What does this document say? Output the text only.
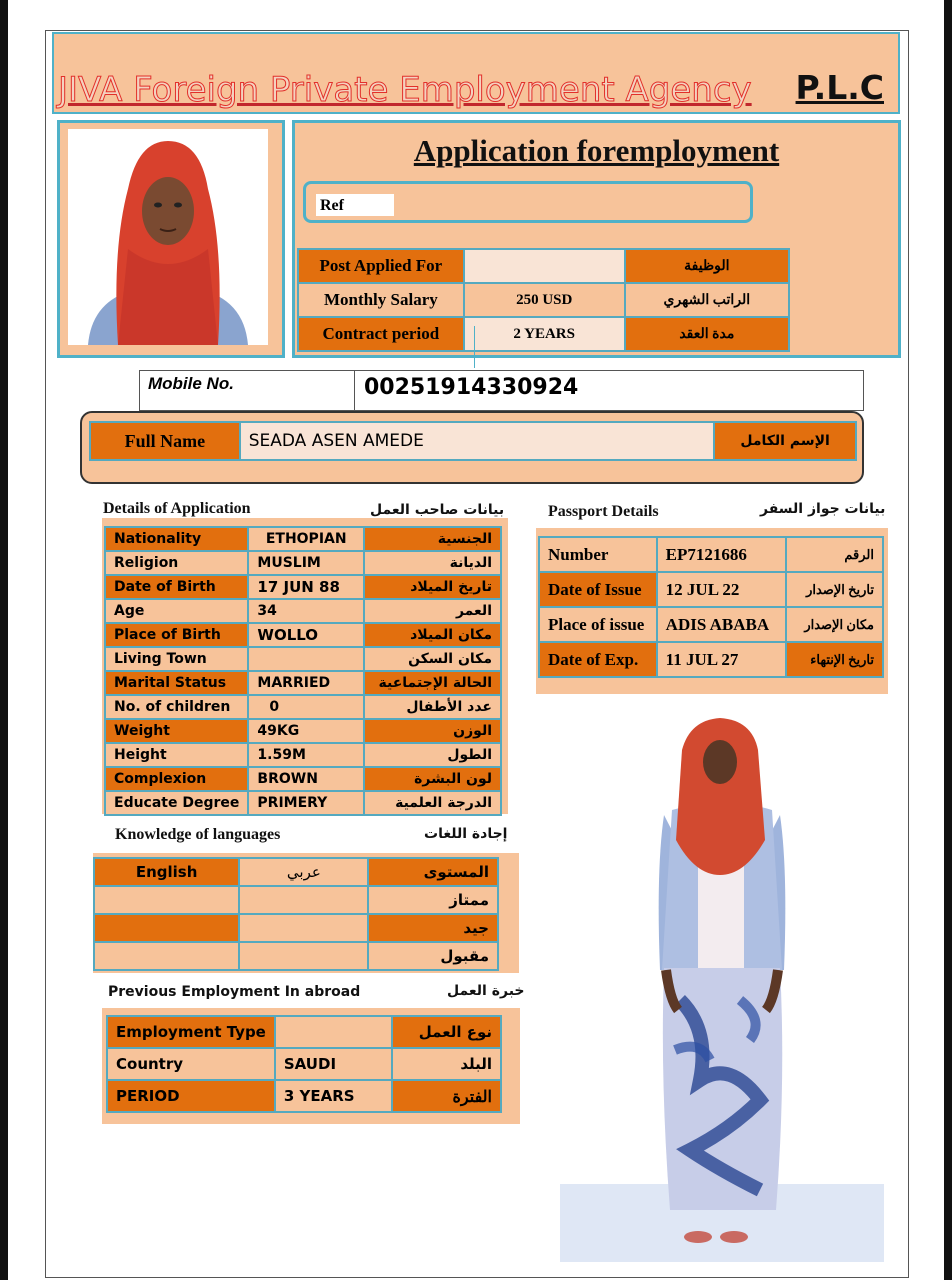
JIVA Foreign Private Employment Agency P.L.C
Application foremployment
Ref
Post Applied For		الوظيفة
Monthly Salary	250 USD	الراتب الشهري
Contract period	2 YEARS	مدة العقد
Mobile No.	00251914330924
Full Name	SEADA ASEN AMEDE	الإسم الكامل
Details of Application	بيانات صاحب العمل
Nationality	ETHOPIAN	الجنسية
Religion	MUSLIM	الديانة
Date of Birth	17 JUN 88	تاريخ الميلاد
Age	34	العمر
Place of Birth	WOLLO	مكان الميلاد
Living Town		مكان السكن
Marital Status	MARRIED	الحالة الإجتماعية
No. of children	0	عدد الأطفال
Weight	49KG	الوزن
Height	1.59M	الطول
Complexion	BROWN	لون البشرة
Educate Degree	PRIMERY	الدرجة العلمية
Passport Details	بيانات جواز السفر
Number	EP7121686	الرقم
Date of Issue	12 JUL 22	تاريخ الإصدار
Place of issue	ADIS ABABA	مكان الإصدار
Date of Exp.	11 JUL 27	تاريخ الإنتهاء
Knowledge of languages	إجادة اللغات
English	عربي	المستوى
		ممتاز
		جيد
		مقبول
Previous Employment In abroad	خبرة العمل
Employment Type		نوع العمل
Country	SAUDI	البلد
PERIOD	3 YEARS	الفترة
